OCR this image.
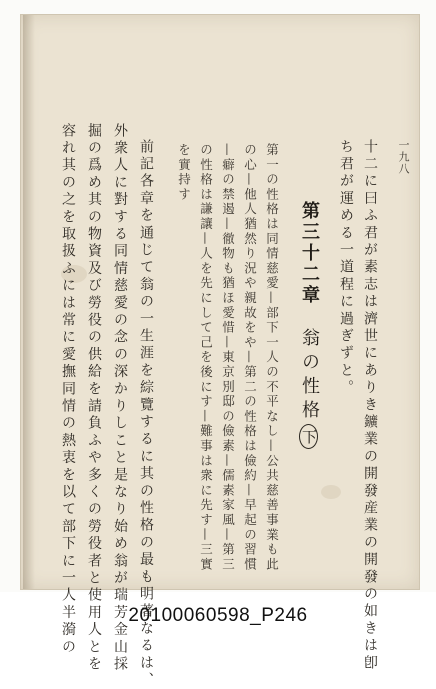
一九八
十二に曰ふ君が素志は濟世にありき鑛業の開發産業の開發の如きは卽
ち君が運める一道程に過ぎずと。
第三十二章翁の性格下
第一の性格は同情慈愛—部下一人の不平なし—公共慈善事業も此
の心—他人猶然り況や親故をや—第二の性格は儉約—早起の習慣
—癖の禁遏—徹物も猶ほ愛惜—東京別邸の儉素—儒素家風—第三
の性格は謙讓—人を先にして己を後にす—難事は衆に先す—三實
を實持す
前記各章を通じて翁の一生涯を綜覽するに其の性格の最も明著なるは、
外衆人に對する同情慈愛の念の深かりしこと是なり始め翁が瑞芳金山採
掘の爲め其の物資及び勞役の供給を請負ふや多くの勞役者と使用人とを
容れ其の之を取扱ふには常に愛撫同情の熱衷を以て部下に一人半漪の	20100060598_P246
